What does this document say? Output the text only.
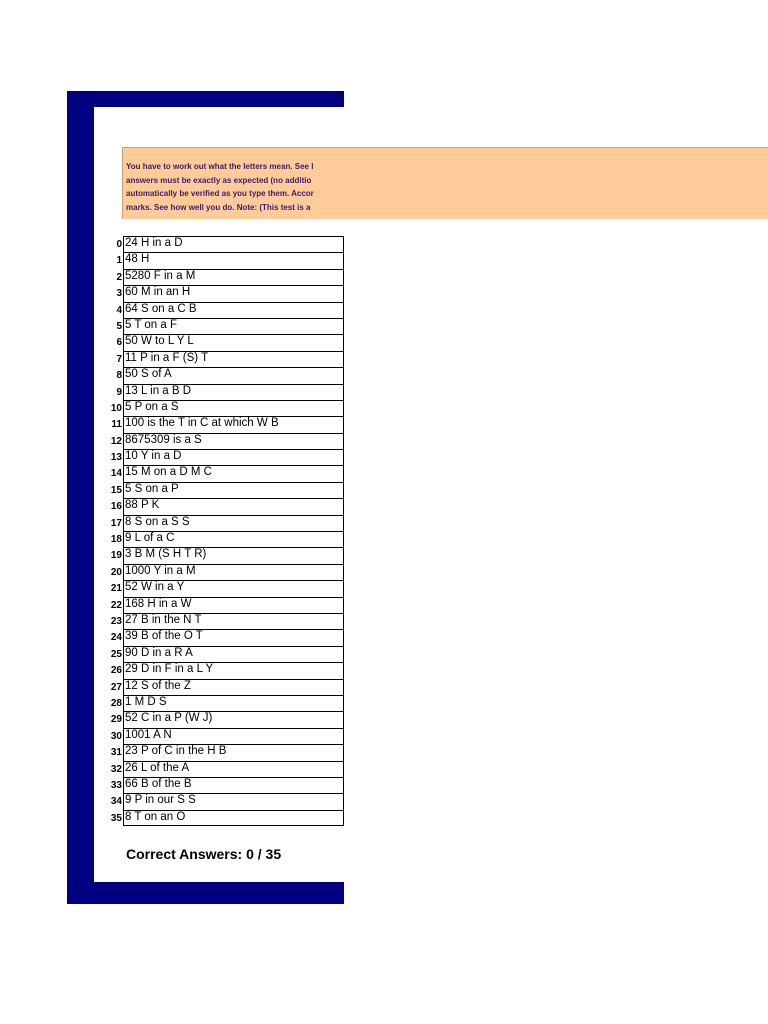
You have to work out what the letters mean. See I
answers must be exactly as expected (no additio
automatically be verified as you type them. Accor
marks. See how well you do. Note: (This test is a
0 24 H in a D
1 48 H
2 5280 F in a M
3 60 M in an H
4 64 S on a C B
5 5 T on a F
6 50 W to L Y L
7 11 P in a F (S) T
8 50 S of A
9 13 L in a B D
10 5 P on a S
11 100 is the T in C at which W B
12 8675309 is a S
13 10 Y in a D
14 15 M on a D M C
15 5 S on a P
16 88 P K
17 8 S on a S S
18 9 L of a C
19 3 B M (S H T R)
20 1000 Y in a M
21 52 W in a Y
22 168 H in a W
23 27 B in the N T
24 39 B of the O T
25 90 D in a R A
26 29 D in F in a L Y
27 12 S of the Z
28 1 M D S
29 52 C in a P (W J)
30 1001 A N
31 23 P of C in the H B
32 26 L of the A
33 66 B of the B
34 9 P in our S S
35 8 T on an O
Correct Answers: 0 / 35
